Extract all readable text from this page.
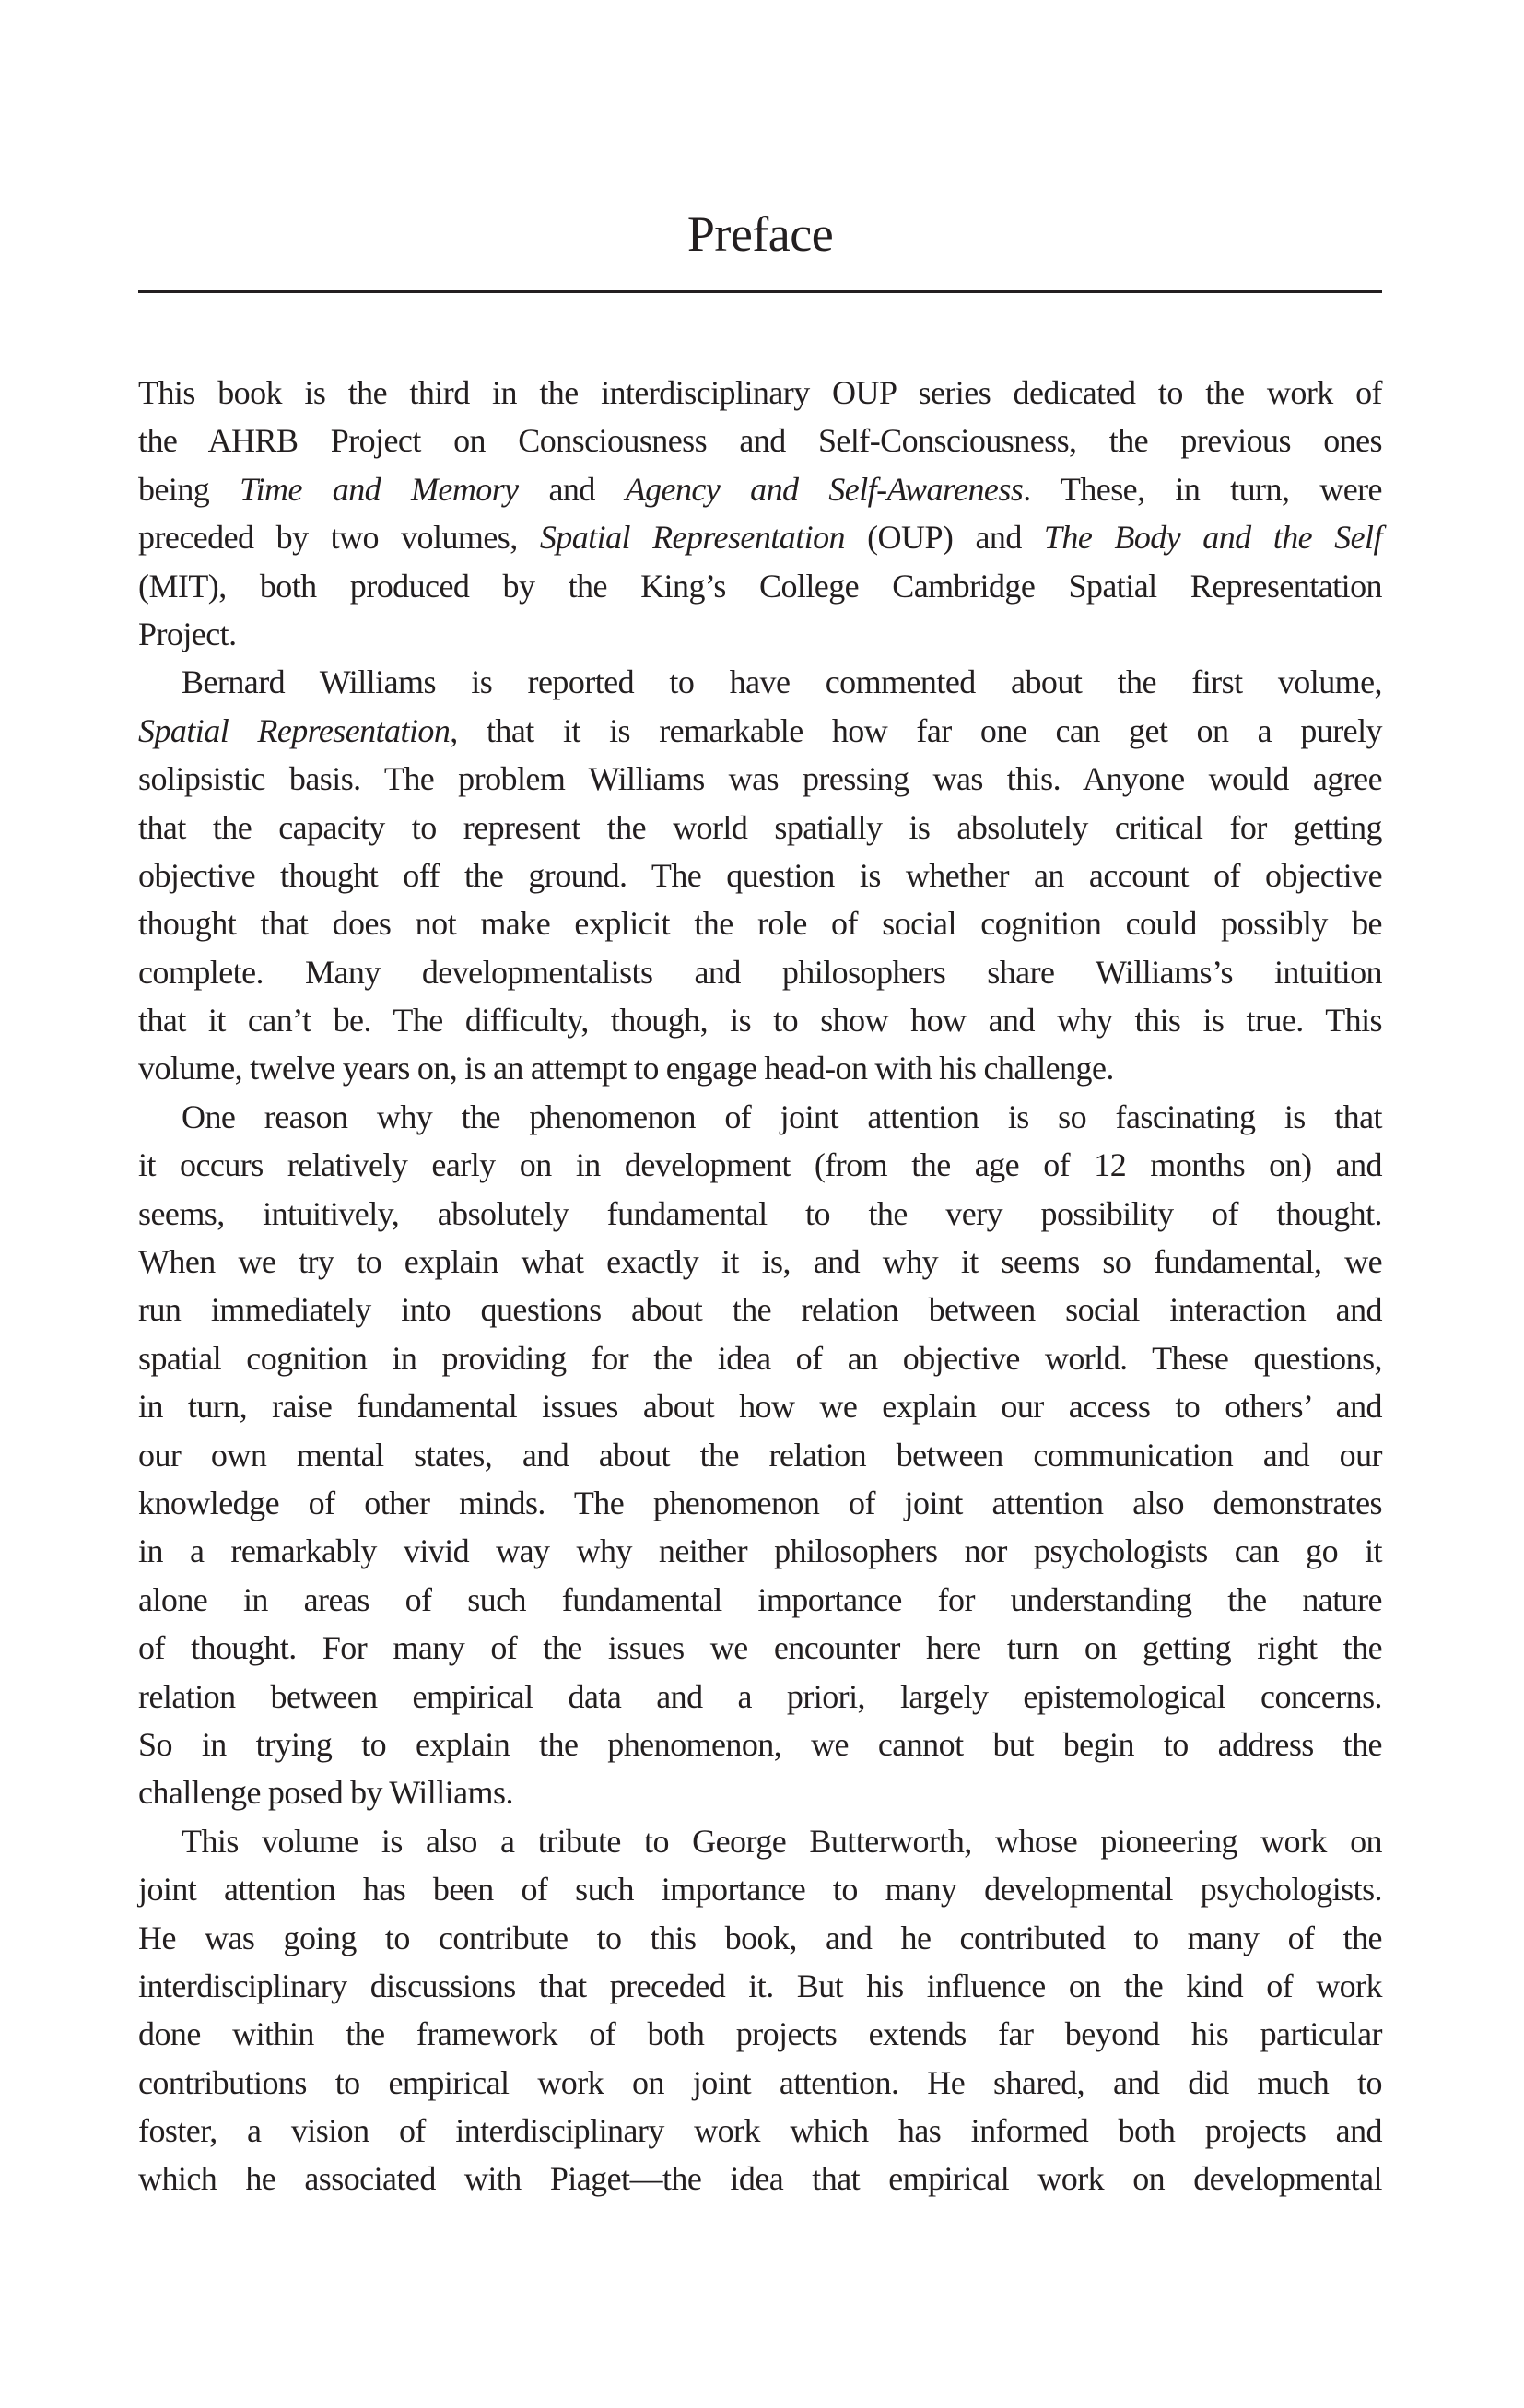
Preface

This book is the third in the interdisciplinary OUP series dedicated to the work of
the AHRB Project on Consciousness and Self-Consciousness, the previous ones
being Time and Memory and Agency and Self-Awareness. These, in turn, were
preceded by two volumes, Spatial Representation (OUP) and The Body and the Self
(MIT), both produced by the King’s College Cambridge Spatial Representation
Project.

Bernard Williams is reported to have commented about the first volume,
Spatial Representation, that it is remarkable how far one can get on a purely
solipsistic basis. The problem Williams was pressing was this. Anyone would agree
that the capacity to represent the world spatially is absolutely critical for getting
objective thought off the ground. The question is whether an account of objective
thought that does not make explicit the role of social cognition could possibly be
complete. Many developmentalists and philosophers share Williams’s intuition
that it can’t be. The difficulty, though, is to show how and why this is true. This
volume, twelve years on, is an attempt to engage head-on with his challenge.

One reason why the phenomenon of joint attention is so fascinating is that
it occurs relatively early on in development (from the age of 12 months on) and
seems, intuitively, absolutely fundamental to the very possibility of thought.
When we try to explain what exactly it is, and why it seems so fundamental, we
run immediately into questions about the relation between social interaction and
spatial cognition in providing for the idea of an objective world. These questions,
in turn, raise fundamental issues about how we explain our access to others’ and
our own mental states, and about the relation between communication and our
knowledge of other minds. The phenomenon of joint attention also demonstrates
in a remarkably vivid way why neither philosophers nor psychologists can go it
alone in areas of such fundamental importance for understanding the nature
of thought. For many of the issues we encounter here turn on getting right the
relation between empirical data and a priori, largely epistemological concerns.
So in trying to explain the phenomenon, we cannot but begin to address the
challenge posed by Williams.

This volume is also a tribute to George Butterworth, whose pioneering work on
joint attention has been of such importance to many developmental psychologists.
He was going to contribute to this book, and he contributed to many of the
interdisciplinary discussions that preceded it. But his influence on the kind of work
done within the framework of both projects extends far beyond his particular
contributions to empirical work on joint attention. He shared, and did much to
foster, a vision of interdisciplinary work which has informed both projects and
which he associated with Piaget—the idea that empirical work on developmental
